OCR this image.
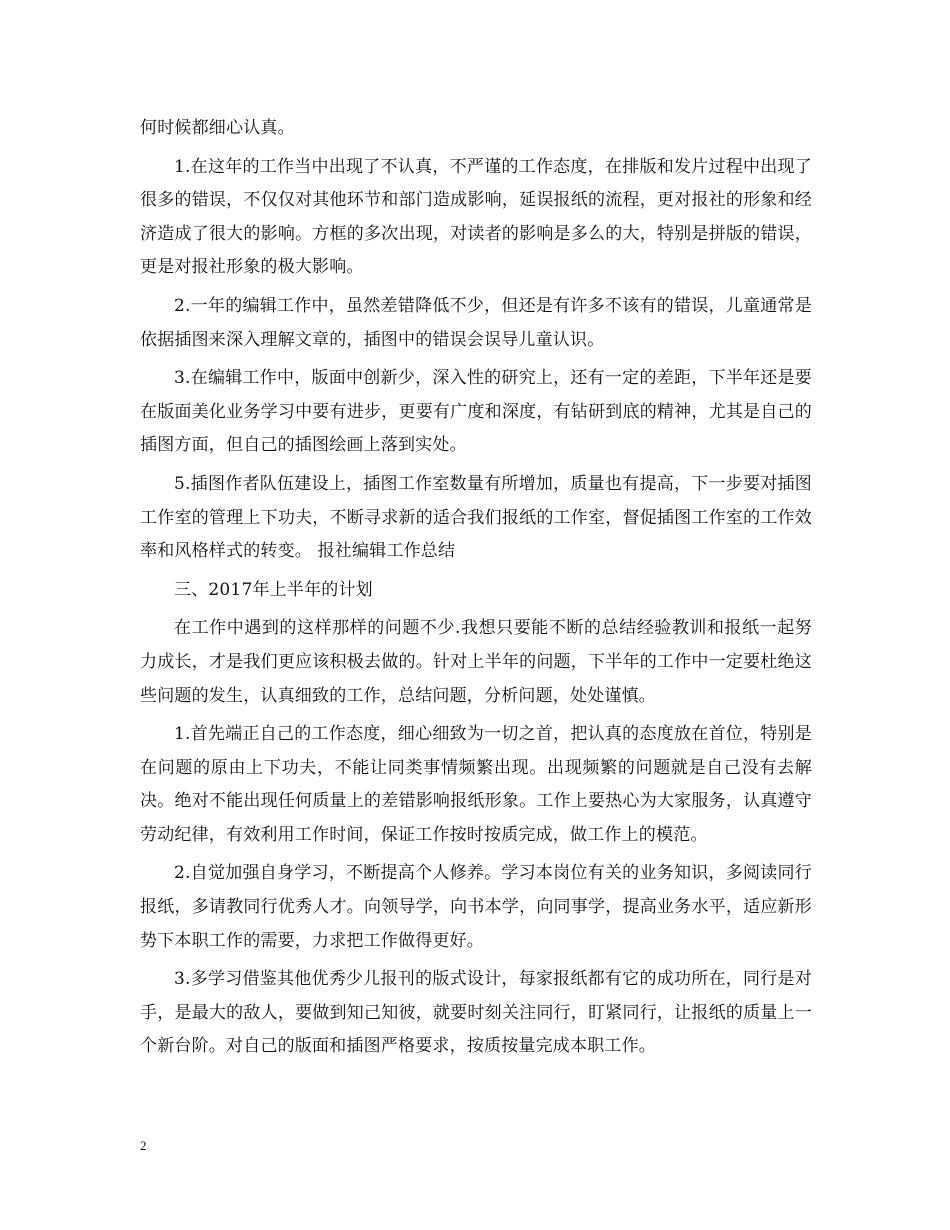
何时候都细心认真。

1.在这年的工作当中出现了不认真，不严谨的工作态度，在排版和发片过程中出现了很多的错误，不仅仅对其他环节和部门造成影响，延误报纸的流程，更对报社的形象和经济造成了很大的影响。方框的多次出现，对读者的影响是多么的大，特别是拼版的错误，更是对报社形象的极大影响。

2.一年的编辑工作中，虽然差错降低不少，但还是有许多不该有的错误，儿童通常是依据插图来深入理解文章的，插图中的错误会误导儿童认识。

3.在编辑工作中，版面中创新少，深入性的研究上，还有一定的差距，下半年还是要在版面美化业务学习中要有进步，更要有广度和深度，有钻研到底的精神，尤其是自己的插图方面，但自己的插图绘画上落到实处。

5.插图作者队伍建设上，插图工作室数量有所增加，质量也有提高，下一步要对插图工作室的管理上下功夫，不断寻求新的适合我们报纸的工作室，督促插图工作室的工作效率和风格样式的转变。 报社编辑工作总结

三、2017年上半年的计划

在工作中遇到的这样那样的问题不少.我想只要能不断的总结经验教训和报纸一起努力成长，才是我们更应该积极去做的。针对上半年的问题，下半年的工作中一定要杜绝这些问题的发生，认真细致的工作，总结问题，分析问题，处处谨慎。

1.首先端正自己的工作态度，细心细致为一切之首，把认真的态度放在首位，特别是在问题的原由上下功夫，不能让同类事情频繁出现。出现频繁的问题就是自己没有去解决。绝对不能出现任何质量上的差错影响报纸形象。工作上要热心为大家服务，认真遵守劳动纪律，有效利用工作时间，保证工作按时按质完成，做工作上的模范。

2.自觉加强自身学习，不断提高个人修养。学习本岗位有关的业务知识，多阅读同行报纸，多请教同行优秀人才。向领导学，向书本学，向同事学，提高业务水平，适应新形势下本职工作的需要，力求把工作做得更好。

3.多学习借鉴其他优秀少儿报刊的版式设计，每家报纸都有它的成功所在，同行是对手，是最大的敌人，要做到知己知彼，就要时刻关注同行，盯紧同行，让报纸的质量上一个新台阶。对自己的版面和插图严格要求，按质按量完成本职工作。

2
